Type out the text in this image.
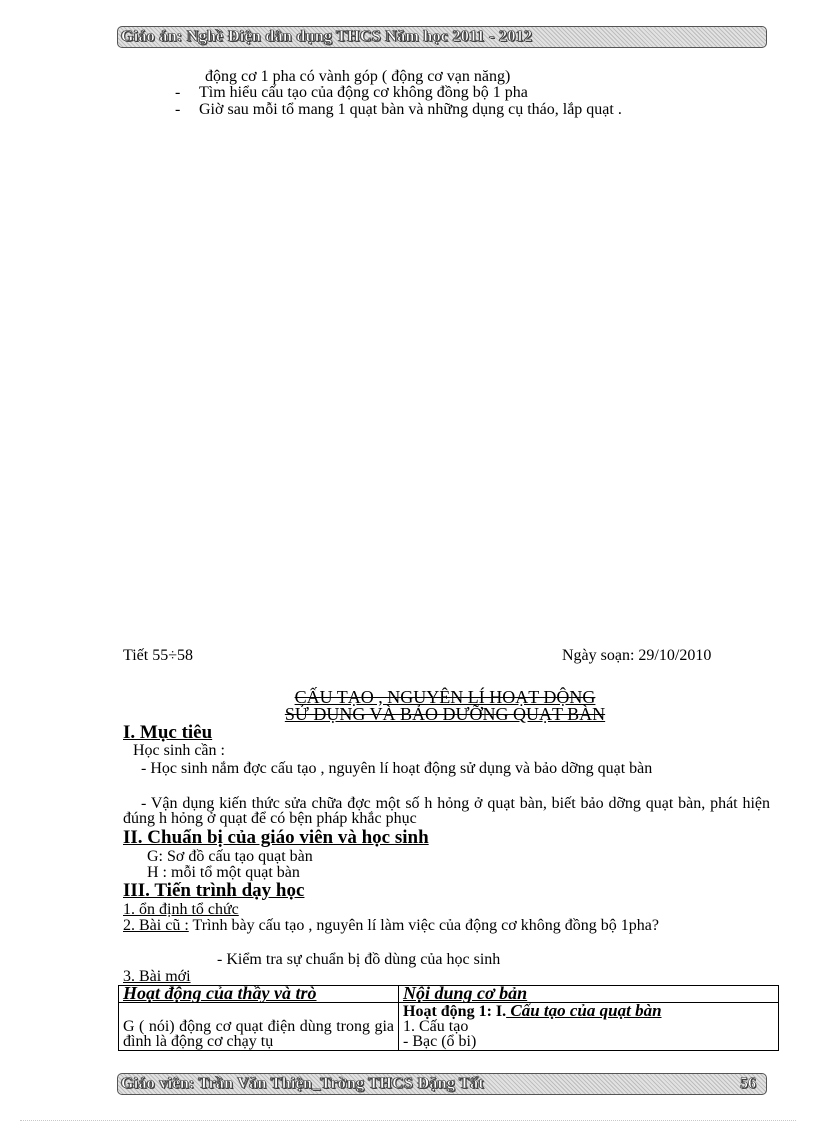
Giáo án: Nghề Điện dân dụng THCS Năm học 2011 - 2012
động cơ 1 pha có vành góp ( động cơ vạn năng)
- Tìm hiểu cấu tạo của động cơ không đồng bộ 1 pha
- Giờ sau mỗi tổ mang 1 quạt bàn và những dụng cụ tháo, lắp quạt .
Tiết 55÷58	Ngày soạn: 29/10/2010
CẤU TẠO , NGUYÊN LÍ HOẠT ĐỘNG
SỬ DỤNG VÀ BẢO DƯỠNG QUẠT BÀN
I. Mục tiêu
Học sinh cần :
- Học sinh nắm đợc cấu tạo , nguyên lí hoạt động sử dụng và bảo dỡng quạt bàn
- Vận dụng kiến thức sửa chữa đợc một số h hỏng ở quạt bàn, biết bảo dỡng quạt bàn, phát hiện đúng h hỏng ở quạt để có bện pháp khắc phục
II. Chuẩn bị của giáo viên và học sinh
G: Sơ đồ cấu tạo quạt bàn
H : mỗi tổ một quạt bàn
III. Tiến trình dạy học
1. ổn định tổ chức
2. Bài cũ : Trình bày cấu tạo , nguyên lí làm việc của động cơ không đồng bộ 1pha?
- Kiểm tra sự chuẩn bị đồ dùng của học sinh
3. Bài mới
Hoạt động của thầy và trò	Nội dung cơ bản

G ( nói) động cơ quạt điện dùng trong gia đình là động cơ chạy tụ	Hoạt động 1: I. Cấu tạo của quạt bàn
1. Cấu tạo
- Bạc (ổ bi)
Giáo viên: Trần Văn Thiện_Trờng THCS Đặng Tất	56
